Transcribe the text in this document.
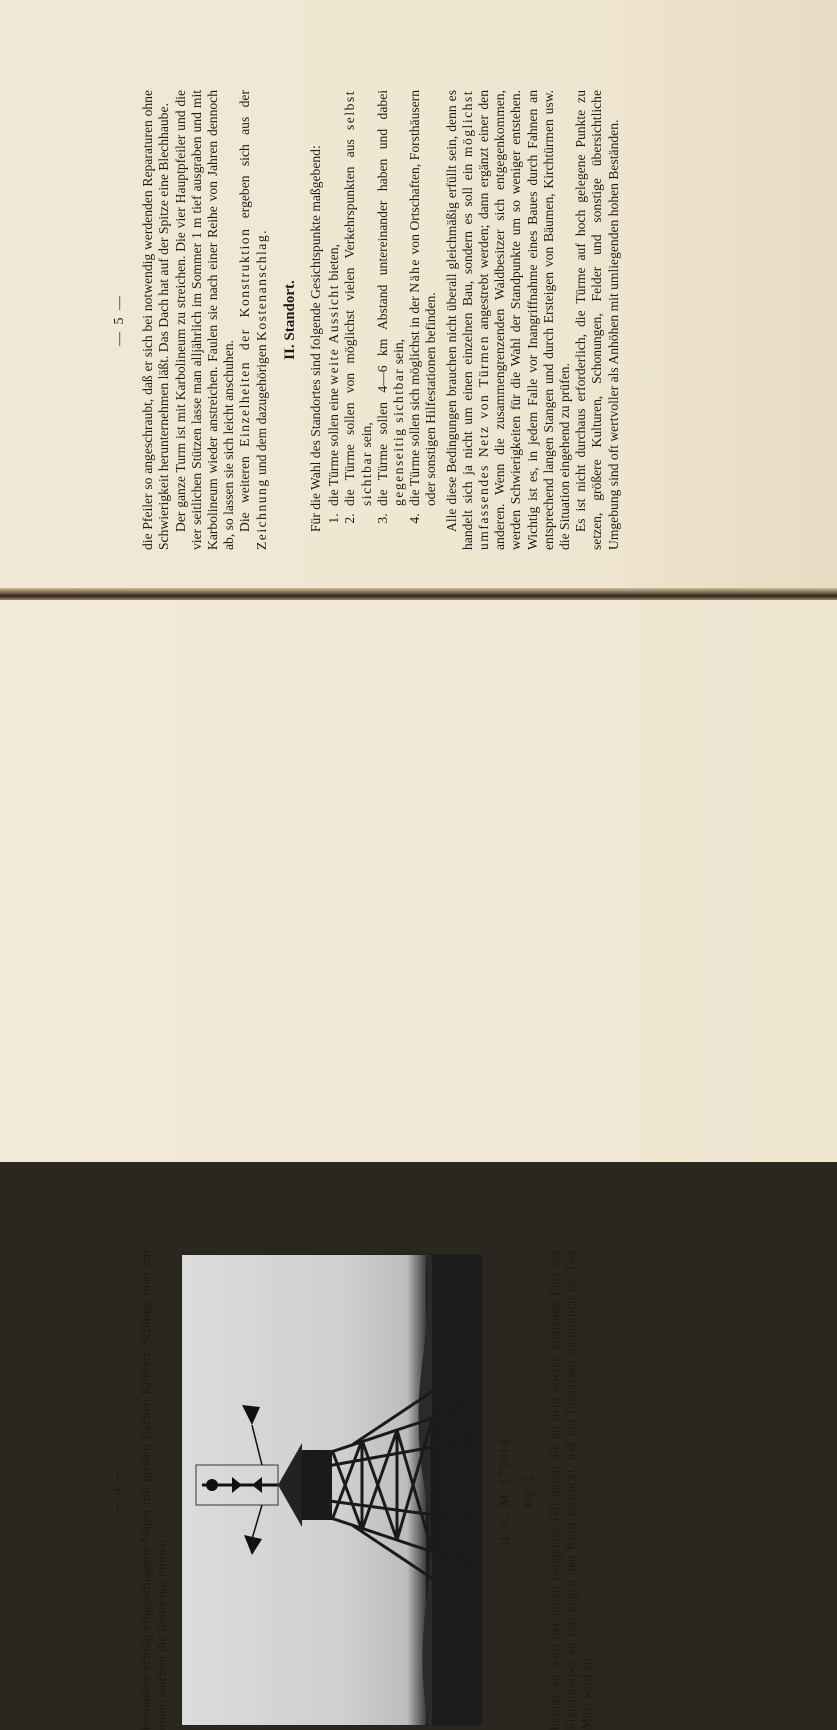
— 5 — die Pfeiler so angeschraubt, daß er sich bei notwendig werdenden Reparaturen ohne Schwierigkeit herunternehmen läßt. Das Dach hat auf der Spitze eine Blechhaube. Der ganze Turm ist mit Karbolineum zu streichen. Die vier Hauptpfeiler und die vier seitlichen Stützen lasse man alljährlich im Sommer 1 m tief ausgraben und mit Karbolineum wieder anstreichen. Faulen sie nach einer Reihe von Jahren dennoch ab, so lassen sie sich leicht anschuhen. Die weiteren Einzelheiten der Konstruktion ergeben sich aus der Zeichnung und dem dazugehörigen Kostenanschlag. II. Standort. Für die Wahl des Standortes sind folgende Gesichtspunkte maßgebend: 1. die Türme sollen eine weite Aussicht bieten, 2. die Türme sollen von möglichst vielen Verkehrspunkten aus selbst sichtbar sein, 3. die Türme sollen 4—6 km Abstand untereinander haben und dabei gegenseitig sichtbar sein, 4. die Türme sollen sich möglichst in der Nähe von Ortschaften, Forsthäusern oder sonstigen Hilfestationen befinden. Alle diese Bedingungen brauchen nicht überall gleichmäßig erfüllt sein, denn es handelt sich ja nicht um einen einzelnen Bau, sondern es soll ein möglichst umfassendes Netz von Türmen angestrebt werden; dann ergänzt einer den anderen. Wenn die zusammengrenzenden Waldbesitzer sich entgegenkommen, werden Schwierigkeiten für die Wahl der Standpunkte um so weniger entstehen. Wichtig ist es, in jedem Falle vor Inangriffnahme eines Baues durch Fahnen an entsprechend langen Stangen und durch Ersteigen von Bäumen, Kirchtürmen usw. die Situation eingehend zu prüfen. Es ist nicht durchaus erforderlich, die Türme auf hoch gelegene Punkte zu setzen, größere Kulturen, Schonungen, Felder und sonstige übersichtliche Umgebung sind oft wertvoller als Anhöhen mit umliegenden hohen Beständen.

— 4 — besondere schräg eingeschlagene Nägel mit großen flachen Köpfen. Schlingt man um einen solchen die Leine nur einmal

D. G. M. 175918. Fig. 1. herum, so wird der unten hängende Teil durch die an dem oberen ziehende Last der Signalkörper so fest gegen den Kopf gedrückt, daß ein Loslassen unmöglich ist. Der Mast wird an
